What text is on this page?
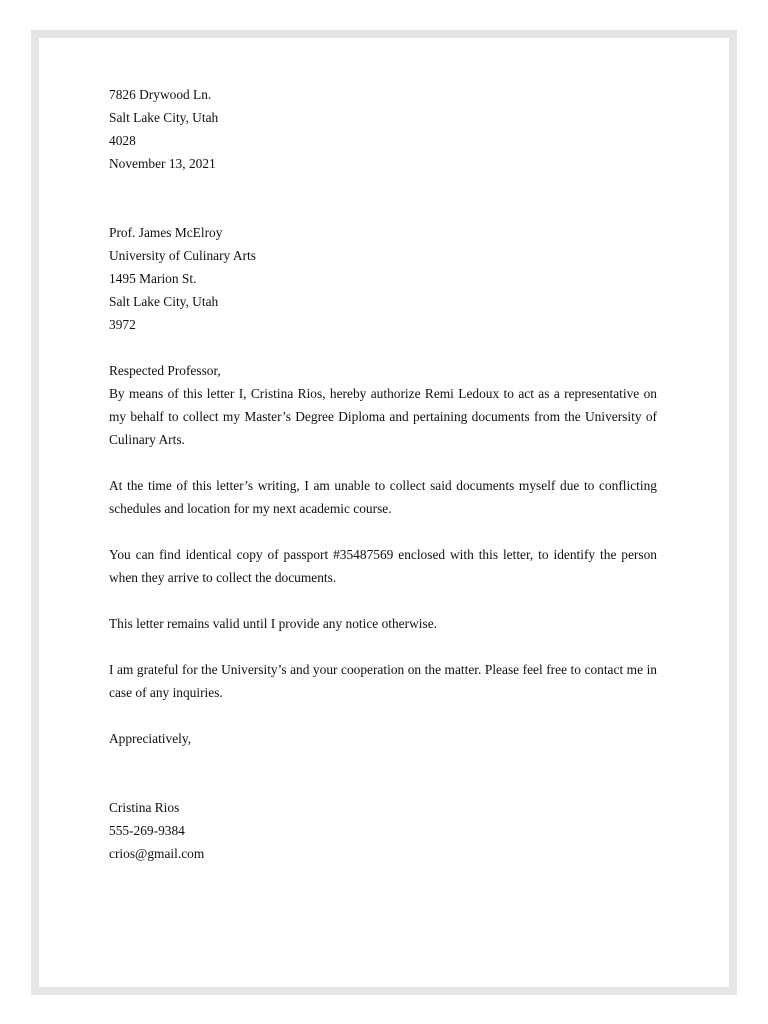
7826 Drywood Ln.
Salt Lake City, Utah
4028
November 13, 2021
Prof. James McElroy
University of Culinary Arts
1495 Marion St.
Salt Lake City, Utah
3972
Respected Professor,

By means of this letter I, Cristina Rios, hereby authorize Remi Ledoux to act as a representative on my behalf to collect my Master’s Degree Diploma and pertaining documents from the University of Culinary Arts.

At the time of this letter’s writing, I am unable to collect said documents myself due to conflicting schedules and location for my next academic course.

You can find identical copy of passport #35487569 enclosed with this letter, to identify the person when they arrive to collect the documents.

This letter remains valid until I provide any notice otherwise.

I am grateful for the University’s and your cooperation on the matter. Please feel free to contact me in case of any inquiries.

Appreciatively,
Cristina Rios
555-269-9384
crios@gmail.com
